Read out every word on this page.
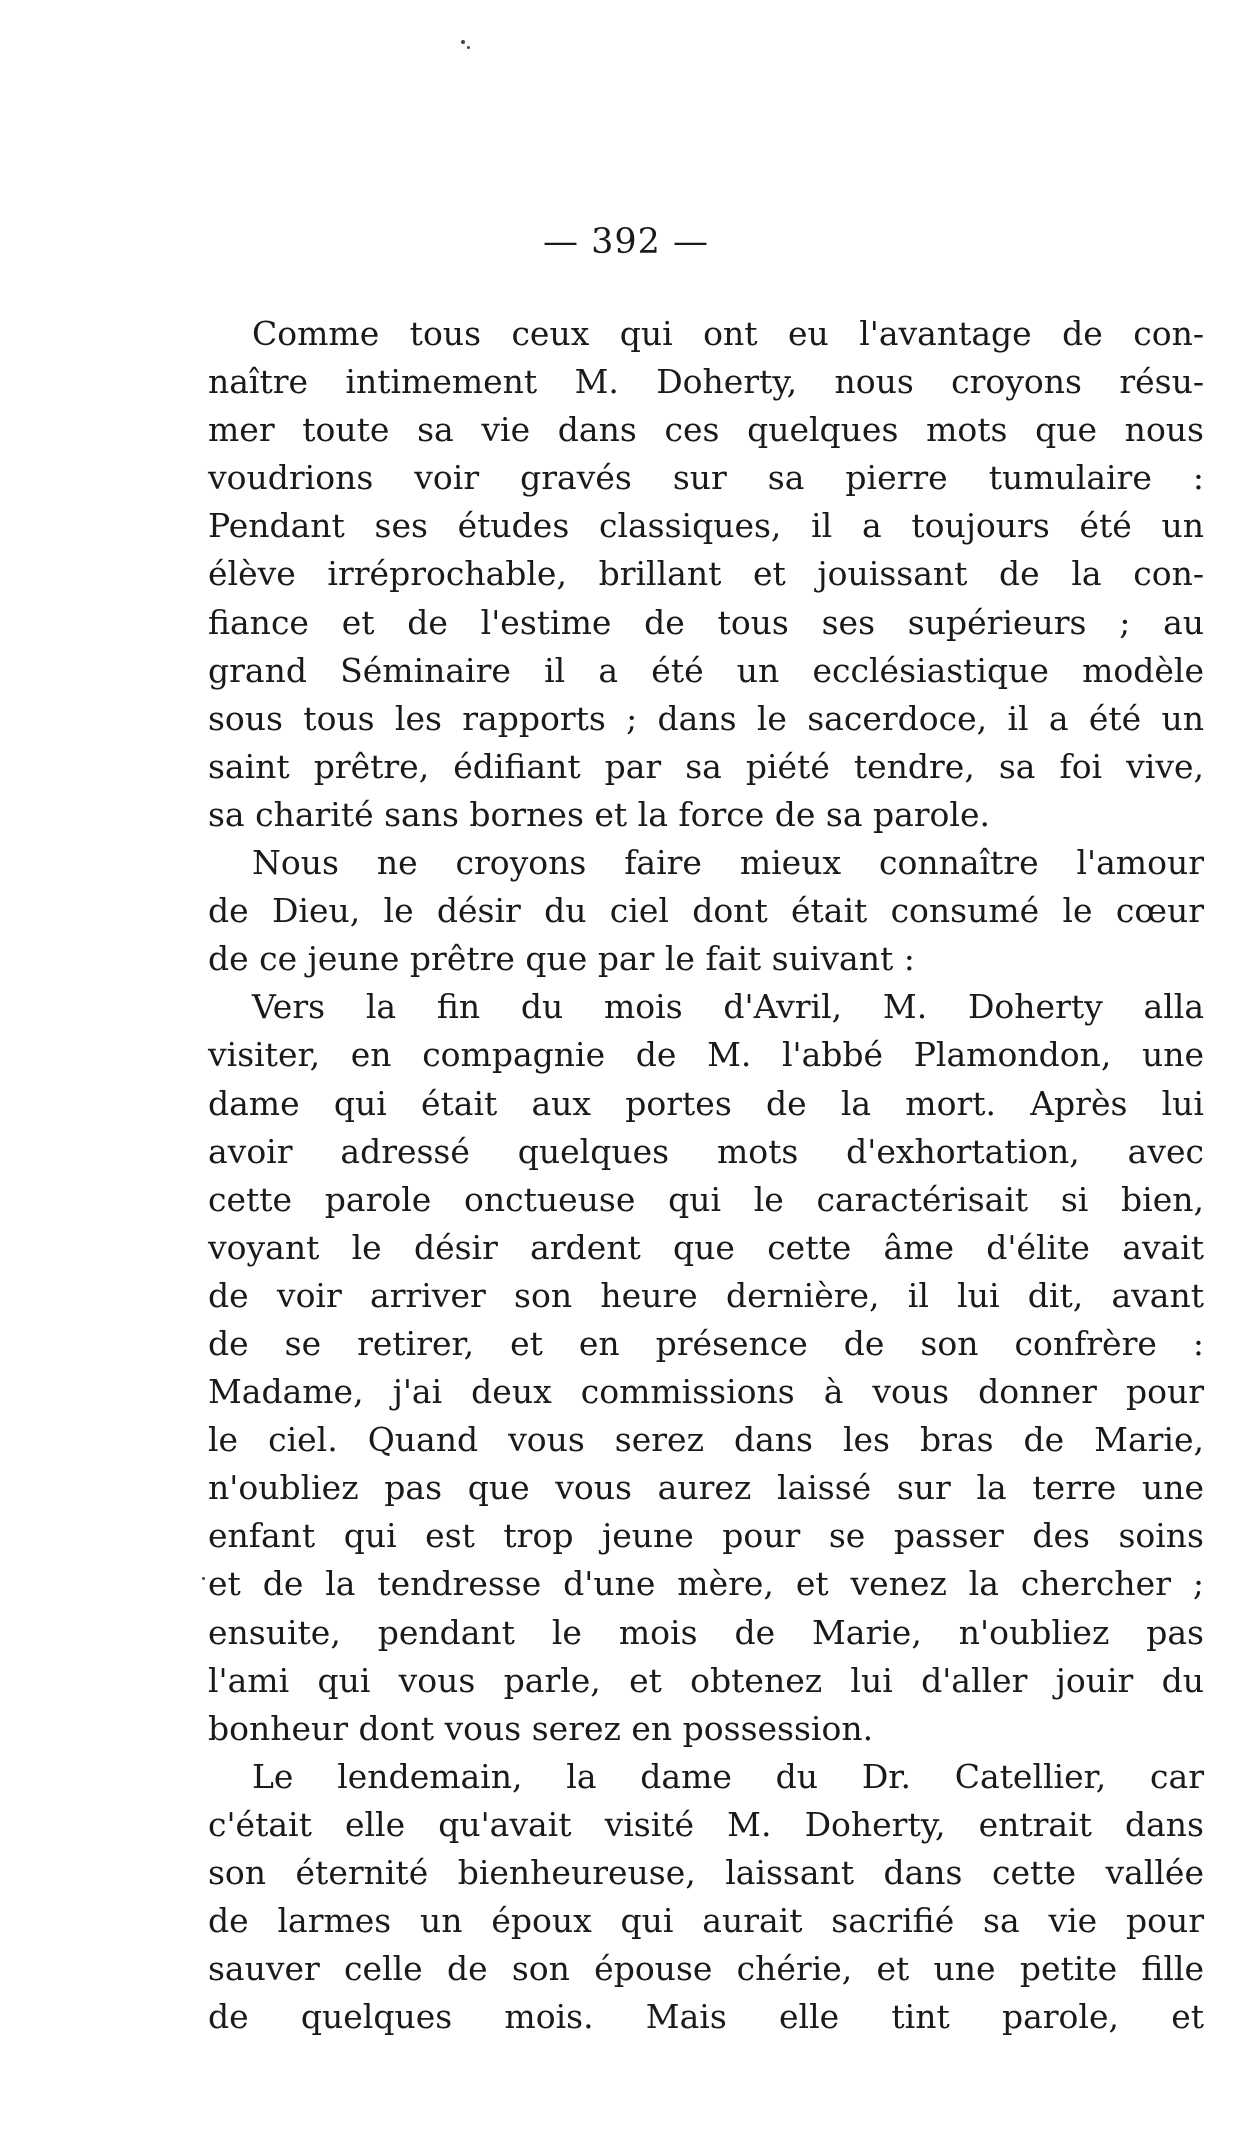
— 392 —
Comme tous ceux qui ont eu l'avantage de con-
naître intimement M. Doherty, nous croyons résu-
mer toute sa vie dans ces quelques mots que nous
voudrions voir gravés sur sa pierre tumulaire :
Pendant ses études classiques, il a toujours été un
élève irréprochable, brillant et jouissant de la con-
fiance et de l'estime de tous ses supérieurs ; au
grand Séminaire il a été un ecclésiastique modèle
sous tous les rapports ; dans le sacerdoce, il a été un
saint prêtre, édifiant par sa piété tendre, sa foi vive,
sa charité sans bornes et la force de sa parole.
Nous ne croyons faire mieux connaître l'amour
de Dieu, le désir du ciel dont était consumé le cœur
de ce jeune prêtre que par le fait suivant :
Vers la fin du mois d'Avril, M. Doherty alla
visiter, en compagnie de M. l'abbé Plamondon, une
dame qui était aux portes de la mort. Après lui
avoir adressé quelques mots d'exhortation, avec
cette parole onctueuse qui le caractérisait si bien,
voyant le désir ardent que cette âme d'élite avait
de voir arriver son heure dernière, il lui dit, avant
de se retirer, et en présence de son confrère :
Madame, j'ai deux commissions à vous donner pour
le ciel. Quand vous serez dans les bras de Marie,
n'oubliez pas que vous aurez laissé sur la terre une
enfant qui est trop jeune pour se passer des soins
et de la tendresse d'une mère, et venez la chercher ;
ensuite, pendant le mois de Marie, n'oubliez pas
l'ami qui vous parle, et obtenez lui d'aller jouir du
bonheur dont vous serez en possession.
Le lendemain, la dame du Dr. Catellier, car
c'était elle qu'avait visité M. Doherty, entrait dans
son éternité bienheureuse, laissant dans cette vallée
de larmes un époux qui aurait sacrifié sa vie pour
sauver celle de son épouse chérie, et une petite fille
de quelques mois. Mais elle tint parole, et
